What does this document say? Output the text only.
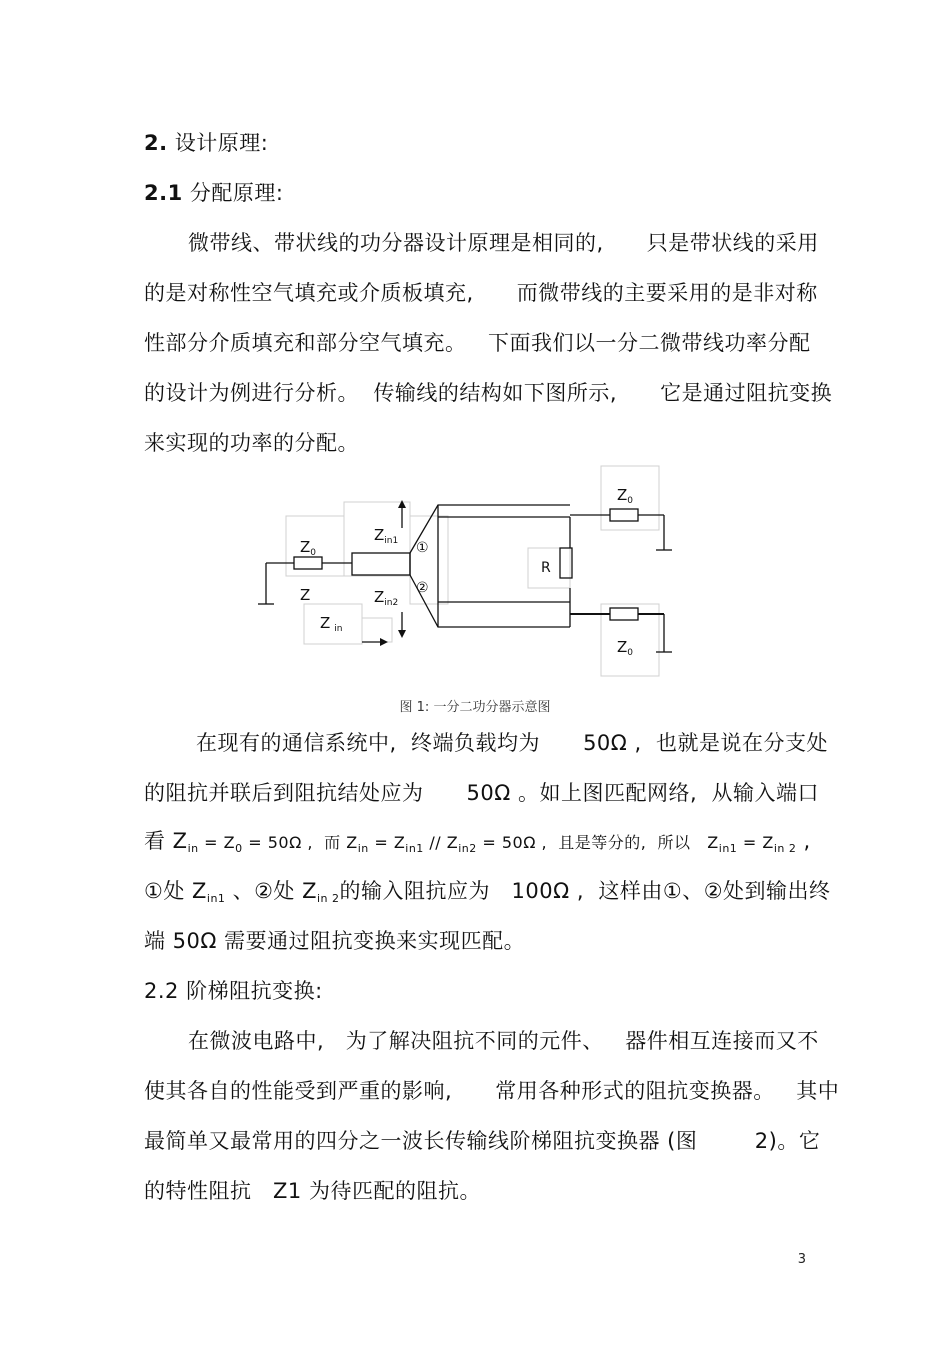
2. 设计原理:
2.1 分配原理:
微带线、带状线的功分器设计原理是相同的,      只是带状线的采用
的是对称性空气填充或介质板填充,      而微带线的主要采用的是非对称
性部分介质填充和部分空气填充。   下面我们以一分二微带线功率分配
的设计为例进行分析。  传输线的结构如下图所示,      它是通过阻抗变换
来实现的功率的分配。
$Z_0$
$Z_{in1}$
$Z_{in2}$
Z
Z $_{in}$
①
②
R
$Z_0$
$Z_0$
图 1: 一分二功分器示意图
在现有的通信系统中,  终端负载均为      50Ω ,  也就是说在分支处
的阻抗并联后到阻抗结处应为      50Ω 。如上图匹配网络,  从输入端口
看 Zin = Z0 = 50Ω ,  而 Zin = Zin1 // Zin2 = 50Ω ,  且是等分的,  所以   Zin1 = Zin 2 ,
①处 Zin1 、②处 Zin 2的输入阻抗应为   100Ω ,  这样由①、②处到输出终
端 50Ω 需要通过阻抗变换来实现匹配。
2.2 阶梯阻抗变换:
在微波电路中,   为了解决阻抗不同的元件、   器件相互连接而又不
使其各自的性能受到严重的影响,      常用各种形式的阻抗变换器。   其中
最简单又最常用的四分之一波长传输线阶梯阻抗变换器 (图        2)。它
的特性阻抗   Z1 为待匹配的阻抗。
3
